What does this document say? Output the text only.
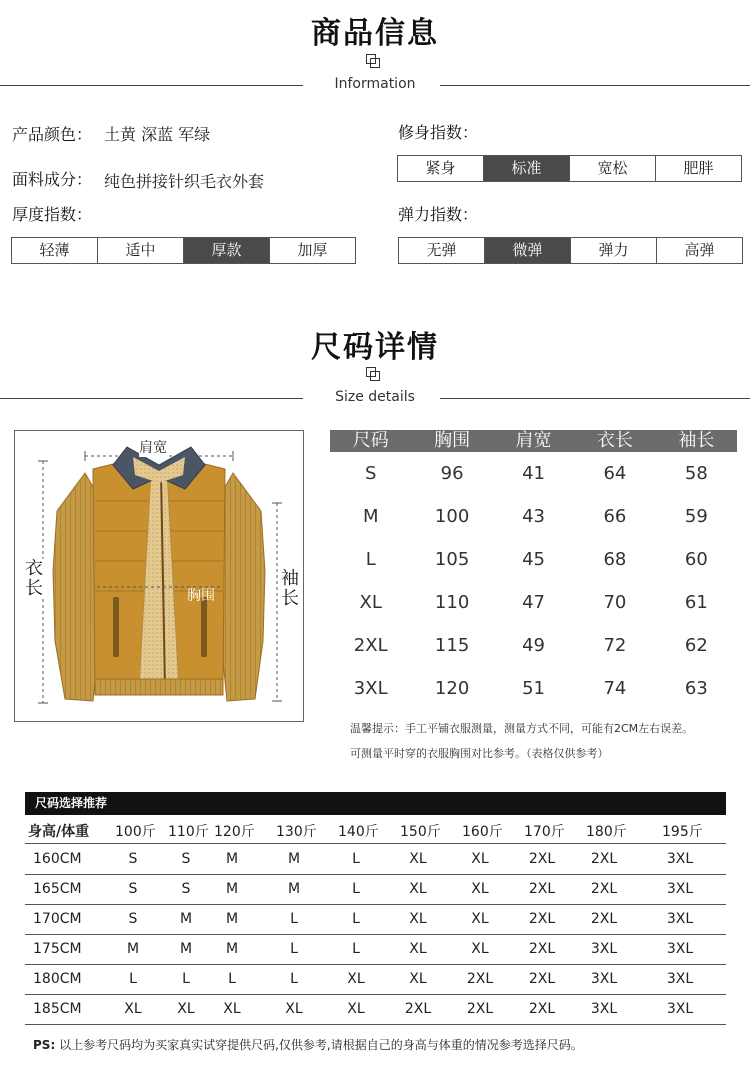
商品信息
Information
产品颜色： 土黄 深蓝 军绿
面料成分： 纯色拼接针织毛衣外套
厚度指数：
轻薄	适中	厚款	加厚
修身指数：
紧身	标准	宽松	肥胖
弹力指数：
无弹	微弹	弹力	高弹
尺码详情
Size details
肩宽
衣长	袖长
胸围
尺码	胸围	肩宽	衣长	袖长
S	96	41	64	58
M	100	43	66	59
L	105	45	68	60
XL	110	47	70	61
2XL	115	49	72	62
3XL	120	51	74	63
温馨提示：手工平铺衣服测量，测量方式不同，可能有2CM左右误差。
可测量平时穿的衣服胸围对比参考。（表格仅供参考）
尺码选择推荐
身高/体重 100斤 110斤 120斤 130斤 140斤 150斤 160斤 170斤 180斤	195斤
160CM	S	S	M	M	L	XL	XL	2XL	2XL	3XL
165CM	S	S	M	M	L	XL	XL	2XL	2XL	3XL
170CM	S	M	M	L	L	XL	XL	2XL	2XL	3XL
175CM	M	M	M	L	L	XL	XL	2XL	3XL	3XL
180CM	L	L	L	L	XL	XL	2XL	2XL	3XL	3XL
185CM	XL	XL	XL	XL	XL	2XL	2XL	2XL	3XL	3XL
PS: 以上参考尺码均为买家真实试穿提供尺码,仅供参考,请根据自己的身高与体重的情况参考选择尺码。
